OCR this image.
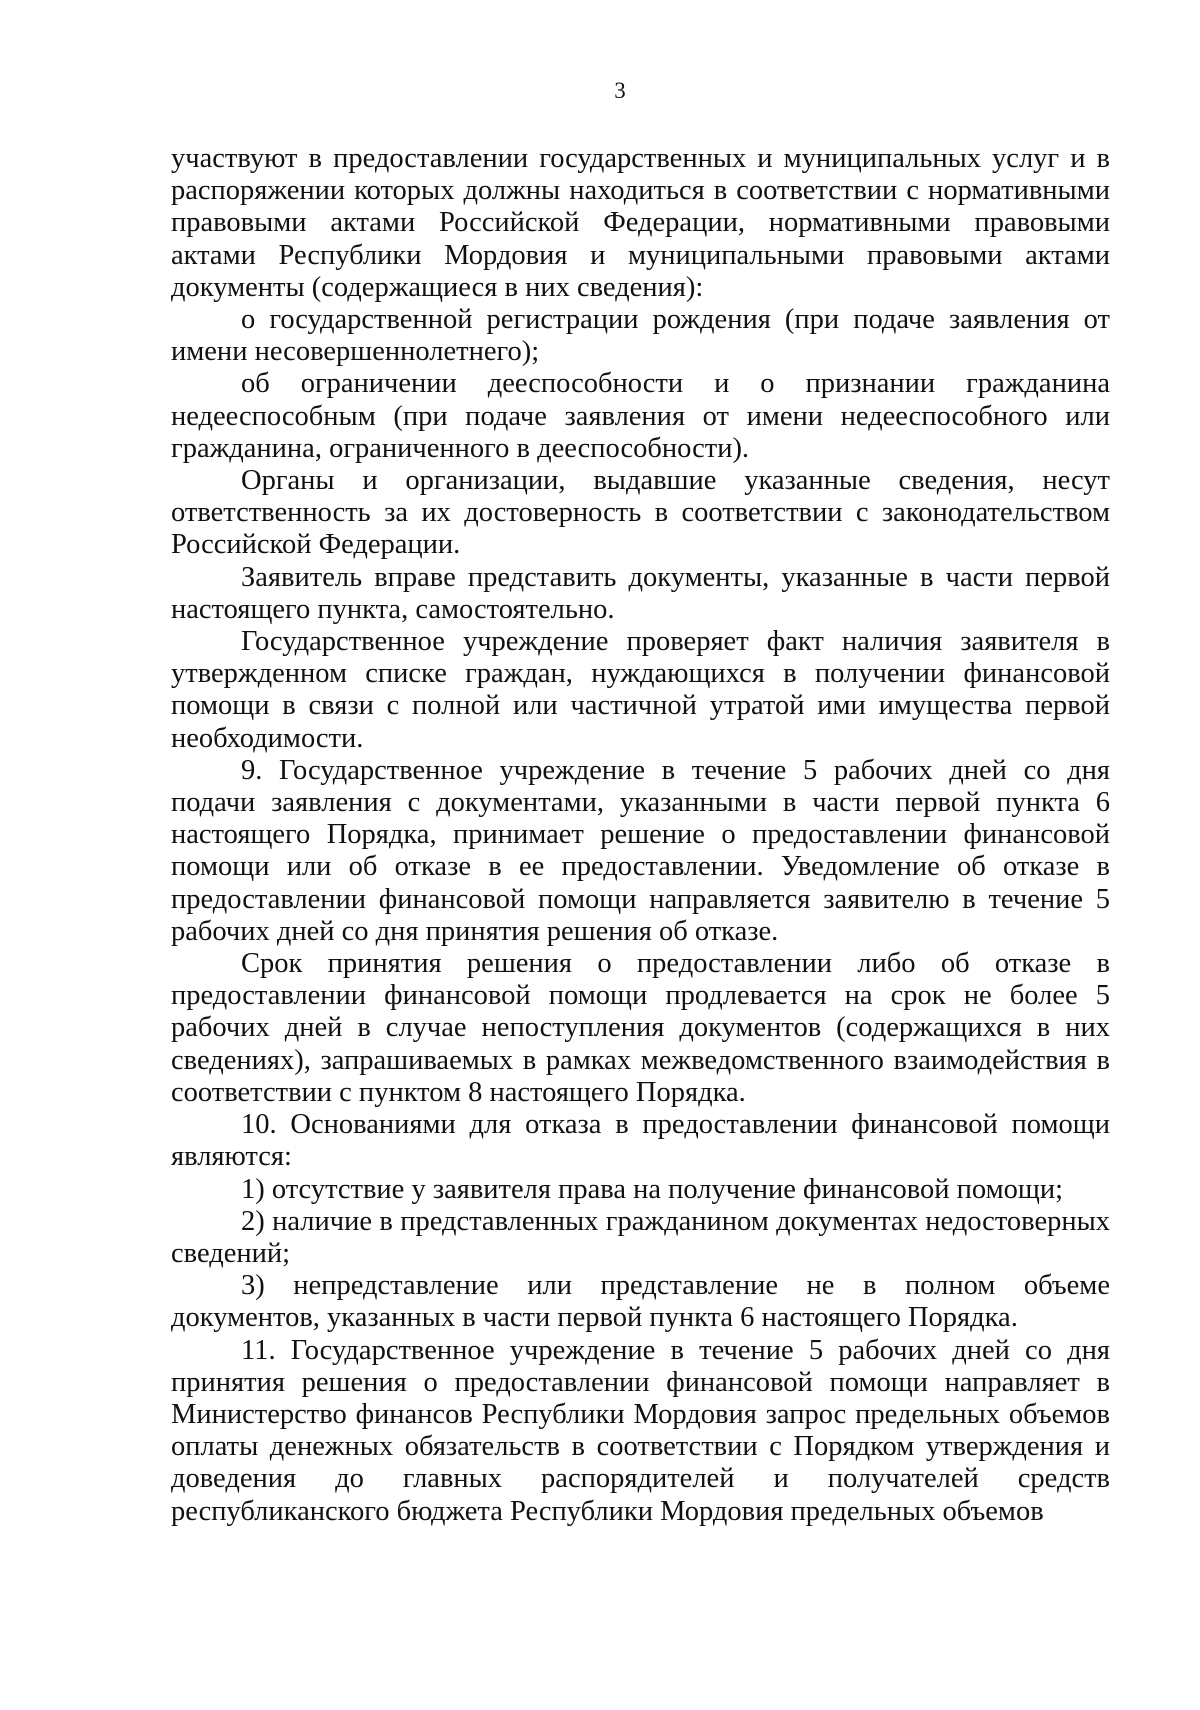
3

участвуют в предоставлении государственных и муниципальных услуг и в распоряжении которых должны находиться в соответствии с нормативными правовыми актами Российской Федерации, нормативными правовыми актами Республики Мордовия и муниципальными правовыми актами документы (содержащиеся в них сведения):

о государственной регистрации рождения (при подаче заявления от имени несовершеннолетнего);

об ограничении дееспособности и о признании гражданина недееспособным (при подаче заявления от имени недееспособного или гражданина, ограниченного в дееспособности).

Органы и организации, выдавшие указанные сведения, несут ответственность за их достоверность в соответствии с законодательством Российской Федерации.

Заявитель вправе представить документы, указанные в части первой настоящего пункта, самостоятельно.

Государственное учреждение проверяет факт наличия заявителя в утвержденном списке граждан, нуждающихся в получении финансовой помощи в связи с полной или частичной утратой ими имущества первой необходимости.

9. Государственное учреждение в течение 5 рабочих дней со дня подачи заявления с документами, указанными в части первой пункта 6 настоящего Порядка, принимает решение о предоставлении финансовой помощи или об отказе в ее предоставлении. Уведомление об отказе в предоставлении финансовой помощи направляется заявителю в течение 5 рабочих дней со дня принятия решения об отказе.

Срок принятия решения о предоставлении либо об отказе в предоставлении финансовой помощи продлевается на срок не более 5 рабочих дней в случае непоступления документов (содержащихся в них сведениях), запрашиваемых в рамках межведомственного взаимодействия в соответствии с пунктом 8 настоящего Порядка.

10. Основаниями для отказа в предоставлении финансовой помощи являются:

1) отсутствие у заявителя права на получение финансовой помощи;

2) наличие в представленных гражданином документах недостоверных сведений;

3) непредставление или представление не в полном объеме документов, указанных в части первой пункта 6 настоящего Порядка.

11. Государственное учреждение в течение 5 рабочих дней со дня принятия решения о предоставлении финансовой помощи направляет в Министерство финансов Республики Мордовия запрос предельных объемов оплаты денежных обязательств в соответствии с Порядком утверждения и доведения до главных распорядителей и получателей средств республиканского бюджета Республики Мордовия предельных объемов
